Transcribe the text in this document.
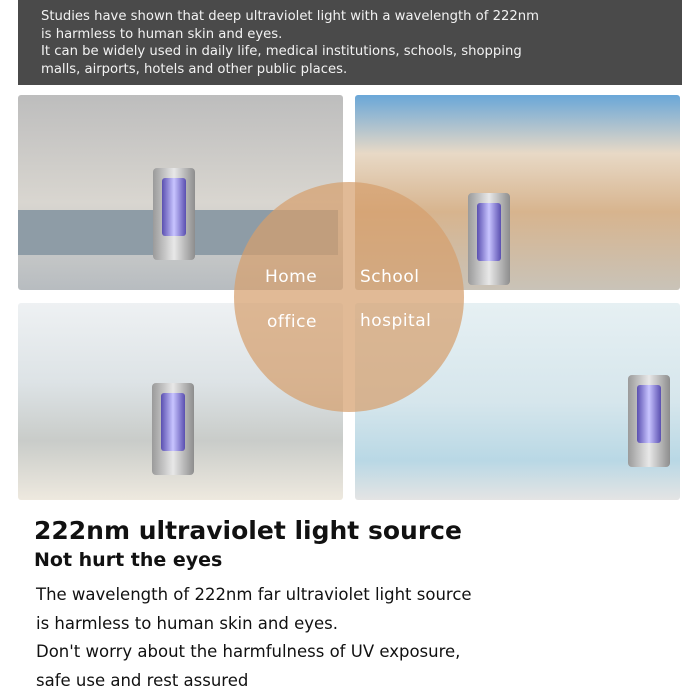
Studies have shown that deep ultraviolet light with a wavelength of 222nm
is harmless to human skin and eyes.
It can be widely used in daily life, medical institutions, schools, shopping
malls, airports, hotels and other public places.
Home	School
office	hospital
222nm ultraviolet light source
Not hurt the eyes
The wavelength of 222nm far ultraviolet light source
is harmless to human skin and eyes.
Don't worry about the harmfulness of UV exposure,
safe use and rest assured
